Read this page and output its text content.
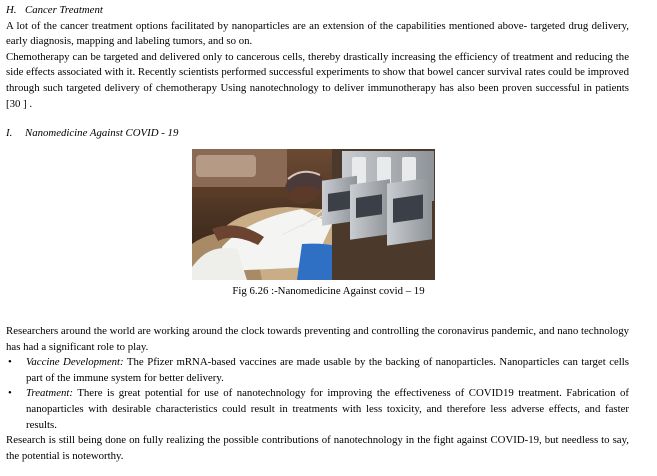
H. Cancer Treatment

A lot of the cancer treatment options facilitated by nanoparticles are an extension of the capabilities mentioned above- targeted drug delivery, early diagnosis, mapping and labeling tumors, and so on.

Chemotherapy can be targeted and delivered only to cancerous cells, thereby drastically increasing the efficiency of treatment and reducing the side effects associated with it. Recently scientists performed successful experiments to show that bowel cancer survival rates could be improved through such targeted delivery of chemotherapy Using nanotechnology to deliver immunotherapy has also been proven successful in patients [30 ] .

I. Nanomedicine Against COVID - 19
Fig 6.26 :-Nanomedicine Against covid – 19

Researchers around the world are working around the clock towards preventing and controlling the coronavirus pandemic, and nano technology has had a significant role to play.

• Vaccine Development: The Pfizer mRNA-based vaccines are made usable by the backing of nanoparticles. Nanoparticles can target cells part of the immune system for better delivery.
• Treatment: There is great potential for use of nanotechnology for improving the effectiveness of COVID19 treatment. Fabrication of nanoparticles with desirable characteristics could result in treatments with less toxicity, and therefore less adverse effects, and faster results.

Research is still being done on fully realizing the possible contributions of nanotechnology in the fight against COVID-19, but needless to say, the potential is noteworthy.
